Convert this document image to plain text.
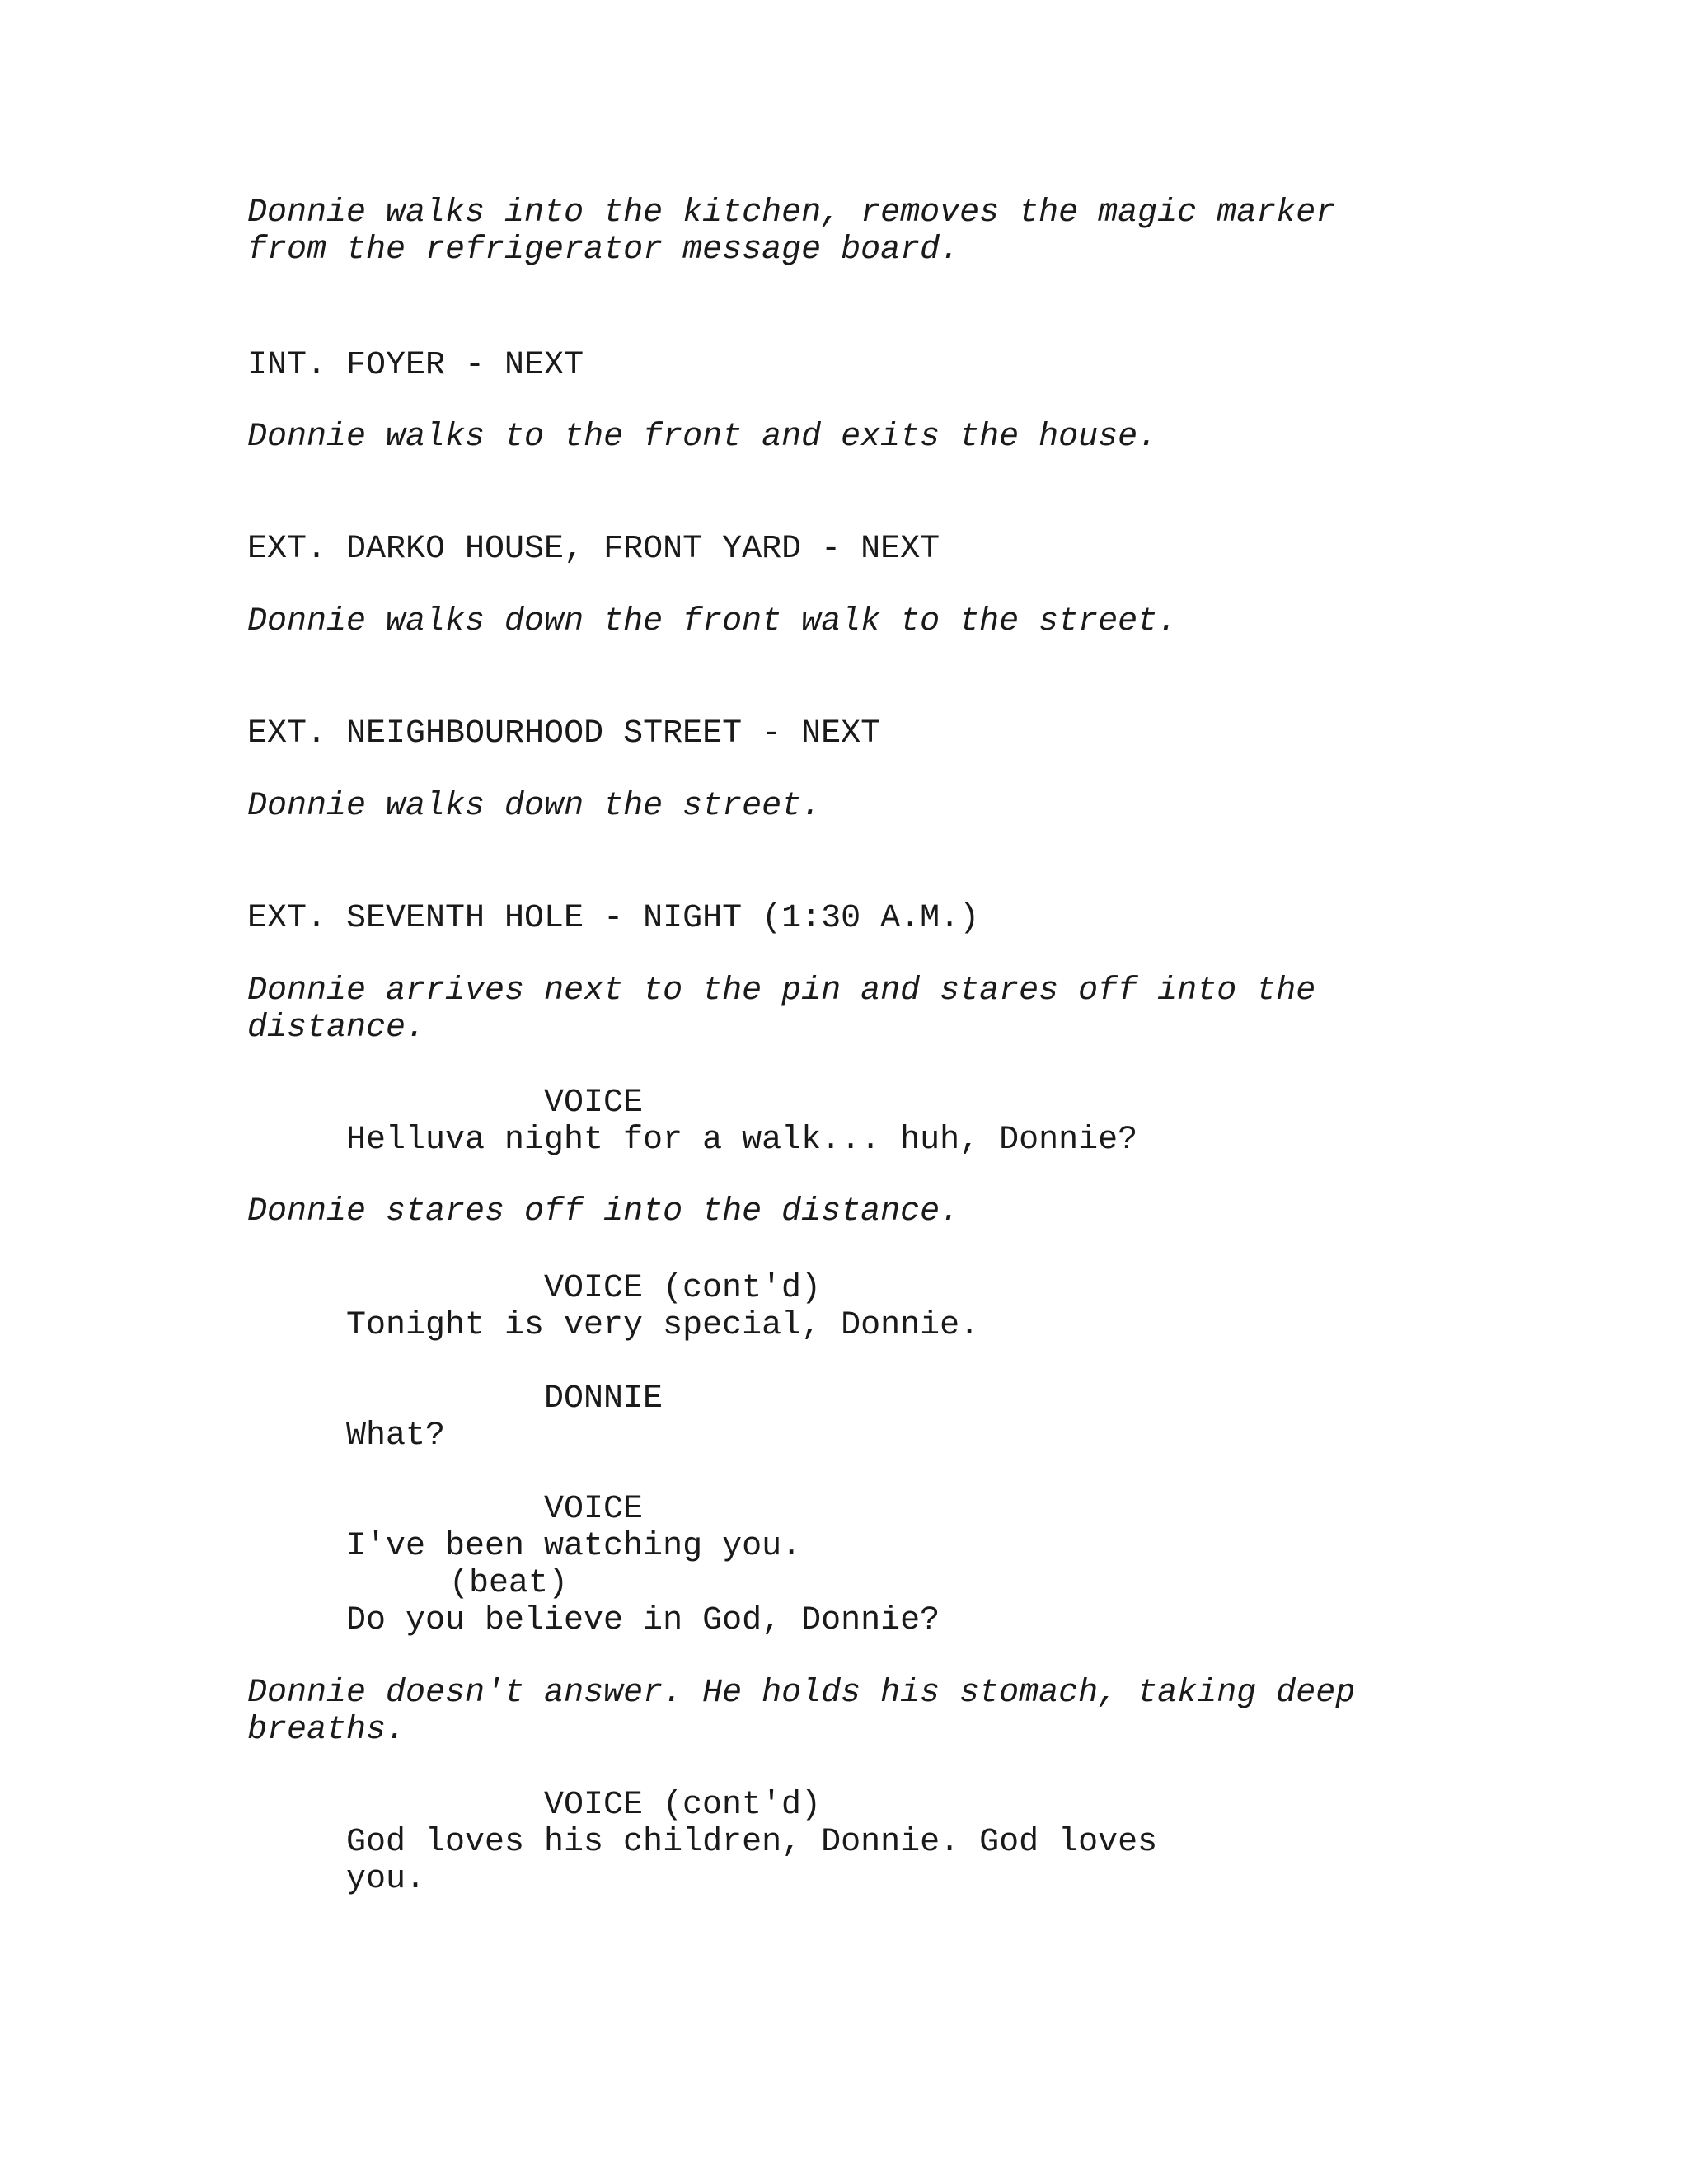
Donnie walks into the kitchen, removes the magic marker

from the refrigerator message board.

INT. FOYER - NEXT

Donnie walks to the front and exits the house.

EXT. DARKO HOUSE, FRONT YARD - NEXT

Donnie walks down the front walk to the street.

EXT. NEIGHBOURHOOD STREET - NEXT

Donnie walks down the street.

EXT. SEVENTH HOLE - NIGHT (1:30 A.M.)

Donnie arrives next to the pin and stares off into the

distance.

VOICE

Helluva night for a walk... huh, Donnie?

Donnie stares off into the distance.

VOICE (cont'd)

Tonight is very special, Donnie.

DONNIE

What?

VOICE

I've been watching you.

(beat)

Do you believe in God, Donnie?

Donnie doesn't answer. He holds his stomach, taking deep

breaths.

VOICE (cont'd)

God loves his children, Donnie. God loves

you.
